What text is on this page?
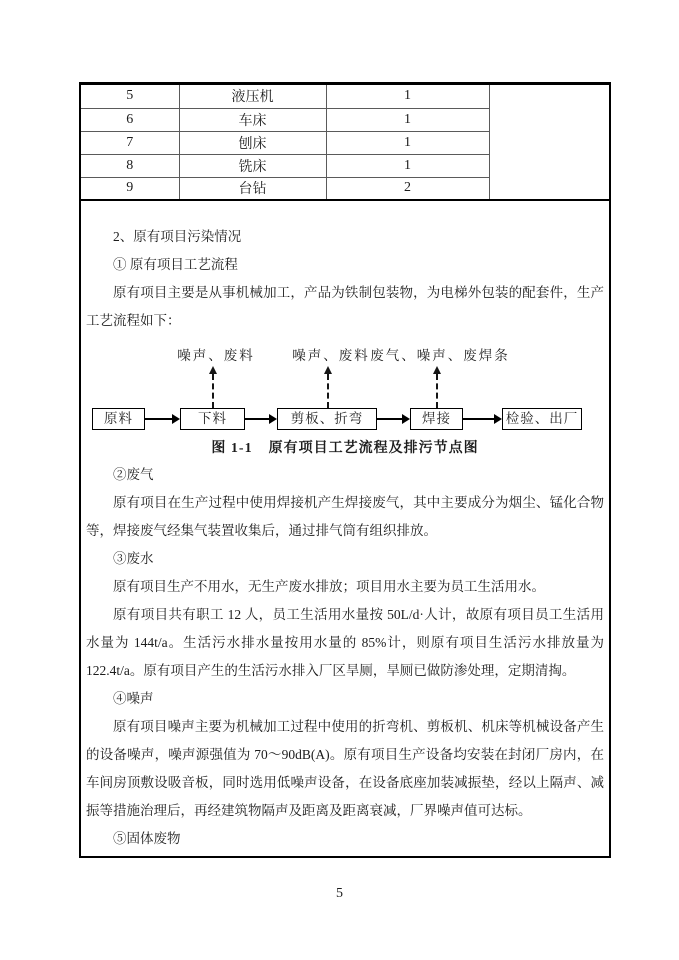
5	液压机	1	
6	车床	1	
7	刨床	1	
8	铣床	1	
9	台钻	2	
2、原有项目污染情况
① 原有项目工艺流程

原有项目主要是从事机械加工，产品为铁制包装物，为电梯外包装的配套件，生产工艺流程如下：

噪声、废料	噪声、废料 废气、噪声、废焊条
原料	下料	剪板、折弯	焊接	检验、出厂
图 1-1 原有项目工艺流程及排污节点图
②废气

原有项目在生产过程中使用焊接机产生焊接废气，其中主要成分为烟尘、锰化合物等，焊接废气经集气装置收集后，通过排气筒有组织排放。

③废水

原有项目生产不用水，无生产废水排放；项目用水主要为员工生活用水。

原有项目共有职工 12 人，员工生活用水量按 50L/d·人计，故原有项目员工生活用水量为 144t/a。生活污水排水量按用水量的 85%计，则原有项目生活污水排放量为 122.4t/a。原有项目产生的生活污水排入厂区旱厕，旱厕已做防渗处理，定期清掏。

④噪声

原有项目噪声主要为机械加工过程中使用的折弯机、剪板机、机床等机械设备产生的设备噪声，噪声源强值为 70～90dB(A)。原有项目生产设备均安装在封闭厂房内，在车间房顶敷设吸音板，同时选用低噪声设备，在设备底座加装减振垫，经以上隔声、减振等措施治理后，再经建筑物隔声及距离及距离衰减，厂界噪声值可达标。

⑤固体废物
5
